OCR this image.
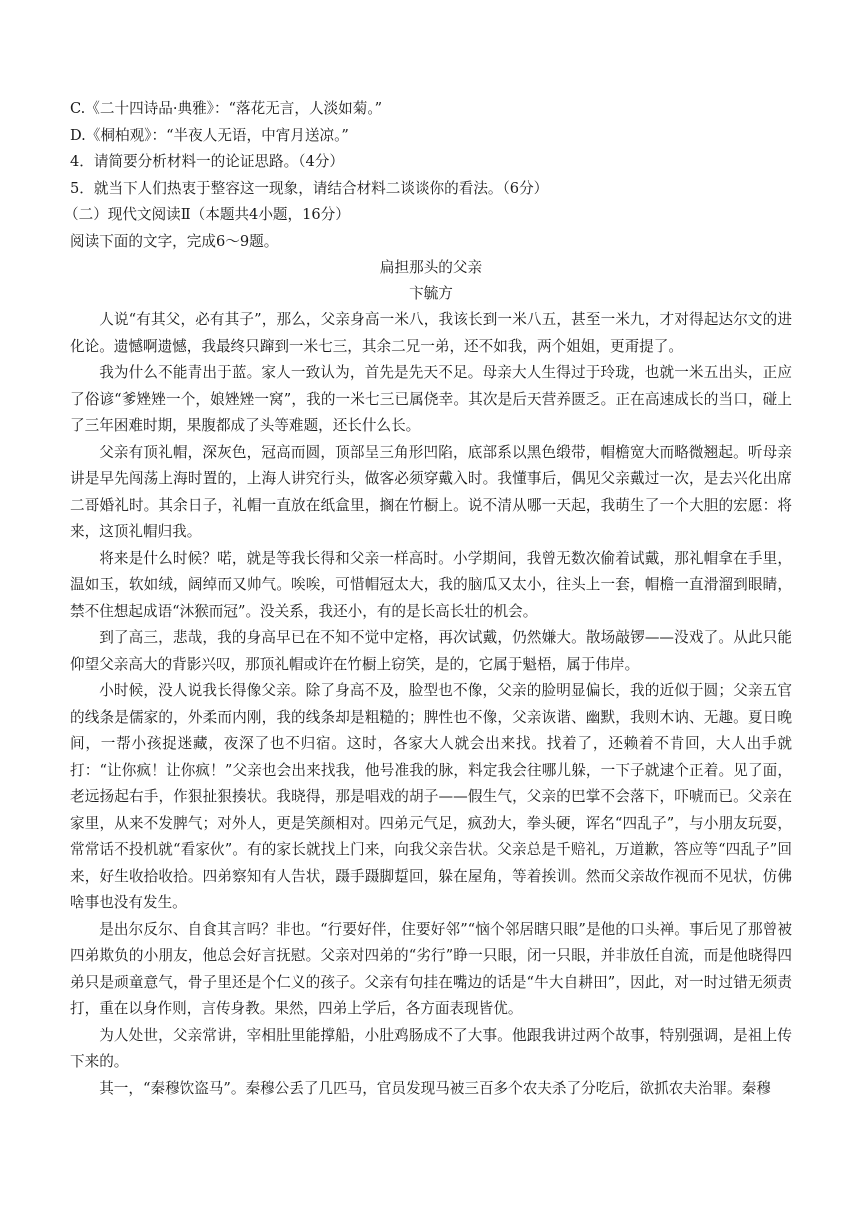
C.《二十四诗品·典雅》：“落花无言，人淡如菊。”
D.《桐柏观》：“半夜人无语，中宵月送凉。”
4．请简要分析材料一的论证思路。（4分）
5．就当下人们热衷于整容这一现象，请结合材料二谈谈你的看法。（6分）
（二）现代文阅读Ⅱ（本题共4小题，16分）
阅读下面的文字，完成6～9题。
扁担那头的父亲
卞毓方
人说“有其父，必有其子”，那么，父亲身高一米八，我该长到一米八五，甚至一米九，才对得起达尔文的进化论。遗憾啊遗憾，我最终只蹿到一米七三，其余二兄一弟，还不如我，两个姐姐，更甭提了。
我为什么不能青出于蓝。家人一致认为，首先是先天不足。母亲大人生得过于玲珑，也就一米五出头，正应了俗谚“爹矬矬一个，娘矬矬一窝”，我的一米七三已属侥幸。其次是后天营养匮乏。正在高速成长的当口，碰上了三年困难时期，果腹都成了头等难题，还长什么长。
父亲有顶礼帽，深灰色，冠高而圆，顶部呈三角形凹陷，底部系以黑色缎带，帽檐宽大而略微翘起。听母亲讲是早先闯荡上海时置的，上海人讲究行头，做客必须穿戴入时。我懂事后，偶见父亲戴过一次，是去兴化出席二哥婚礼时。其余日子，礼帽一直放在纸盒里，搁在竹橱上。说不清从哪一天起，我萌生了一个大胆的宏愿：将来，这顶礼帽归我。
将来是什么时候？喏，就是等我长得和父亲一样高时。小学期间，我曾无数次偷着试戴，那礼帽拿在手里，温如玉，软如绒，阔绰而又帅气。唉唉，可惜帽冠太大，我的脑瓜又太小，往头上一套，帽檐一直滑溜到眼睛，禁不住想起成语“沐猴而冠”。没关系，我还小，有的是长高长壮的机会。
到了高三，悲哉，我的身高早已在不知不觉中定格，再次试戴，仍然嫌大。散场敲锣——没戏了。从此只能仰望父亲高大的背影兴叹，那顶礼帽或许在竹橱上窃笑，是的，它属于魁梧，属于伟岸。
小时候，没人说我长得像父亲。除了身高不及，脸型也不像，父亲的脸明显偏长，我的近似于圆；父亲五官的线条是儒家的，外柔而内刚，我的线条却是粗糙的；脾性也不像，父亲诙谐、幽默，我则木讷、无趣。夏日晚间，一帮小孩捉迷藏，夜深了也不归宿。这时，各家大人就会出来找。找着了，还赖着不肯回，大人出手就打：“让你疯！让你疯！”父亲也会出来找我，他号准我的脉，料定我会往哪儿躲，一下子就逮个正着。见了面，老远扬起右手，作狠扯狠揍状。我晓得，那是唱戏的胡子——假生气，父亲的巴掌不会落下，吓唬而已。父亲在家里，从来不发脾气；对外人，更是笑颜相对。四弟元气足，疯劲大，拳头硬，诨名“四乱子”，与小朋友玩耍，常常话不投机就“看家伙”。有的家长就找上门来，向我父亲告状。父亲总是千赔礼，万道歉，答应等“四乱子”回来，好生收拾收拾。四弟察知有人告状，蹑手蹑脚踅回，躲在屋角，等着挨训。然而父亲故作视而不见状，仿佛啥事也没有发生。
是出尔反尔、自食其言吗？非也。“行要好伴，住要好邻”“恼个邻居瞎只眼”是他的口头禅。事后见了那曾被四弟欺负的小朋友，他总会好言抚慰。父亲对四弟的“劣行”睁一只眼，闭一只眼，并非放任自流，而是他晓得四弟只是顽童意气，骨子里还是个仁义的孩子。父亲有句挂在嘴边的话是“牛大自耕田”，因此，对一时过错无须责打，重在以身作则，言传身教。果然，四弟上学后，各方面表现皆优。
为人处世，父亲常讲，宰相肚里能撑船，小肚鸡肠成不了大事。他跟我讲过两个故事，特别强调，是祖上传下来的。
其一，“秦穆饮盗马”。秦穆公丢了几匹马，官员发现马被三百多个农夫杀了分吃后，欲抓农夫治罪。秦穆
